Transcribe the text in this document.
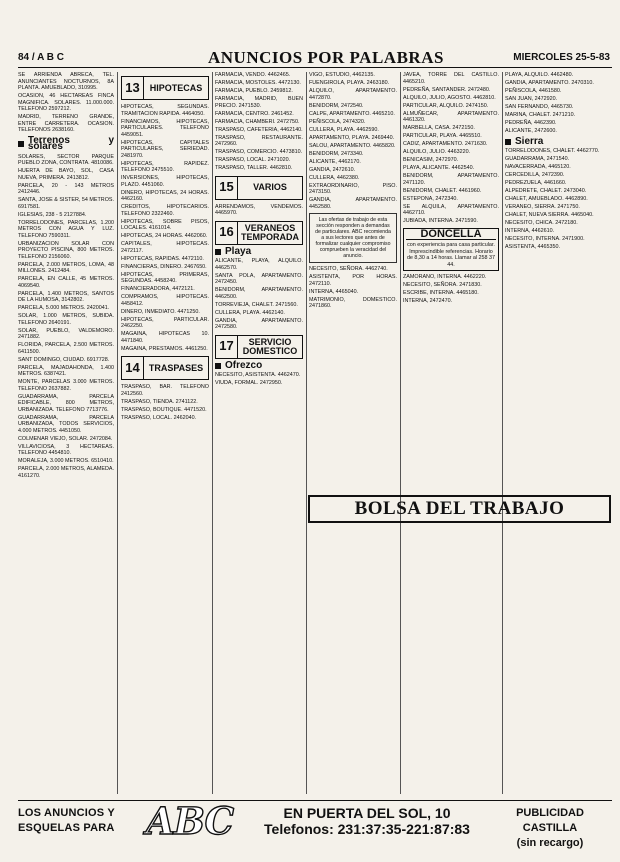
84 / A B C	ANUNCIOS POR PALABRAS	MIERCOLES 25-5-83

SE ARRIENDA ABRECA, TEL. ANUNCIANTES NOCTURNOS, 8A PLANTA. AMUEBLADO, 310995.

OCASION, 46 HECTAREAS FINCA MAGNIFICA. SOLARES. 11.000.000. TELEFONO 2597212.

MADRID, TERRENO GRANDE, ENTRE CARRETERA. OCASION. TELEFONOS 2638160.

Terrenos y solares

SOLARES, SECTOR PARQUE PUEBLO ZONA, CONTRATA. 4810086.

HUERTA DE BAYO, SOL, CASA NUEVA, PRIMERA. 2413812.

PARCELA, 20 - 143 METROS 2412446.

SANTA, JOSE & SISTER, 54 METROS. 6917581.

IGLESIAS, 238 - 5 2127884.

TORRELODONES, PARCELAS, 1.200 METROS CON AGUA Y LUZ. TELEFONO 7590311.

URBANIZACION SOLAR CON PROYECTO PISCINA, 800 METROS. TELEFONO 2156060.

PARCELA, 2.000 METROS, LOMA, 48 MILLONES. 2412484.

PARCELA, EN CALLE, 45 METROS. 4069540.

PARCELA, 1.400 METROS, SANTOS DE LA HUMOSA, 3142802.

PARCELA, 5.000 METROS. 2420041.

SOLAR, 1.000 METROS, SUBIDA. TELEFONO 2640191.

SOLAR, PUEBLO, VALDEMORO. 2471882.

FLORIDA, PARCELA, 2.500 METROS. 6411500.

SANT DOMINGO, CIUDAD. 6917728.

PARCELA, MAJADAHONDA, 1.400 METROS. 6387421.

MONTE, PARCELAS 3.000 METROS. TELEFONO 2637882.

GUADARRAMA, PARCELA EDIFICABLE, 800 METROS, URBANIZADA. TELEFONO 7713776.

GUADARRAMA, PARCELA URBANIZADA, TODOS SERVICIOS, 4.000 METROS. 4451050.

COLMENAR VIEJO, SOLAR. 2472084.

VILLAVICIOSA, 3 HECTAREAS. TELEFONO 4454810.

MORALEJA, 3.000 METROS. 6510410.

PARCELA, 2.000 METROS, ALAMEDA. 4161270.

13	HIPOTECAS

HIPOTECAS, SEGUNDAS. TRAMITACION RAPIDA. 4464050.

FINANCIAMOS, HIPOTECAS, PARTICULARES. TELEFONO 4459051.

HIPOTECAS, CAPITALES PARTICULARES, SERIEDAD. 2481970.

HIPOTECAS, RAPIDEZ. TELEFONO 2475510.

INVERSIONES, HIPOTECAS, PLAZO. 4451060.

DINERO, HIPOTECAS, 24 HORAS. 4462160.

CREDITOS, HIPOTECARIOS. TELEFONO 2322460.

HIPOTECAS, SOBRE PISOS, LOCALES. 4161014.

HIPOTECAS, 24 HORAS. 4462060.

CAPITALES, HIPOTECAS. 2472117.

HIPOTECAS, RAPIDAS. 4472110.

FINANCIERAS, DINERO. 2467650.

HIPOTECAS, PRIMERAS, SEGUNDAS. 4458240.

FINANCIERADORA, 4472121.

COMPRAMOS, HIPOTECAS. 4458412.

DINERO, INMEDIATO. 4471250.

HIPOTECAS, PARTICULAR. 2462250.

MAGAINA, HIPOTECAS 10. 4471840.

MAGAINA, PRESTAMOS. 4461250.

14	TRASPASES

TRASPASO, BAR. TELEFONO 2412560.

TRASPASO, TIENDA. 2741122.

TRASPASO, BOUTIQUE. 4471520.

TRASPASO, LOCAL. 2462040.

FARMACIA, VENDO. 4462465.

FARMACIA, MOSTOLES. 4472130.

FARMACIA, PUEBLO. 2459812.

FARMACIA, MADRID, BUEN PRECIO. 2471530.

FARMACIA, CENTRO. 2461452.

FARMACIA, CHAMBERI. 2472750.

TRASPASO, CAFETERIA, 4462140.

TRASPASO, RESTAURANTE. 2472960.

TRASPASO, COMERCIO. 4473810.

TRASPASO, LOCAL. 2471020.

TRASPASO, TALLER. 4462810.

15	VARIOS

ARRENDAMOS, VENDEMOS. 4465970.

16	VERANEOS TEMPORADA
Playa

ALICANTE, PLAYA, ALQUILO. 4462570.

SANTA POLA, APARTAMENTO. 2472450.

BENIDORM, APARTAMENTO. 4462500.

TORREVIEJA, CHALET. 2471560.

CULLERA, PLAYA. 4462140.

GANDIA, APARTAMENTO. 2472580.

17	SERVICIO DOMESTICO
Ofrezco

NECESITO, ASISTENTA. 4462470.

VIUDA, FORMAL. 2472950.

VIGO, ESTUDIO, 4462135.

FUENGIROLA, PLAYA. 2463180.

ALQUILO, APARTAMENTO. 4472870.

BENIDORM, 2472540.

CALPE, APARTAMENTO. 4465210.

PEÑISCOLA, 2474320.

CULLERA, PLAYA. 4462590.

APARTAMENTO, PLAYA. 2469440.

SALOU, APARTAMENTO. 4465820.

BENIDORM, 2473340.

ALICANTE, 4462170.

GANDIA, 2472610.

CULLERA, 4462380.

EXTRAORDINARIO, PISO. 2473150.

GANDIA, APARTAMENTO. 4452580.

Las ofertas de trabajo de esta sección responden a demandas de particulares. ABC recomienda a sus lectores que antes de formalizar cualquier compromiso comprueben la veracidad del anuncio.

NECESITO, SEÑORA. 4462740.

ASISTENTA, POR HORAS. 2472110.

INTERNA, 4465040.

MATRIMONIO, DOMESTICO. 2471860.

JAVEA, TORRE DEL CASTILLO. 4465210.

PEDREÑA, SANTANDER. 2472480.

ALQUILO, JULIO, AGOSTO. 4462810.

PARTICULAR, ALQUILO. 2474150.

ALMUÑECAR, APARTAMENTO. 4461320.

MARBELLA, CASA. 2472150.

PARTICULAR, PLAYA. 4465510.

CADIZ, APARTAMENTO. 2471630.

ALQUILO, JULIO. 4463220.

BENICASIM, 2472970.

PLAYA, ALICANTE. 4462540.

BENIDORM, APARTAMENTO. 2471120.

BENIDORM, CHALET. 4461960.

ESTEPONA, 2472340.

SE ALQUILA, APARTAMENTO. 4462710.

JUBIADA, INTERNA. 2471590.

DONCELLA
con experiencia para casa particular. Imprescindible referencias. Horario de 8,30 a 14 horas. Llamar al 258 37 44.

ZAMORANO, INTERNA. 4462220.

NECESITO, SEÑORA. 2471830.

ESCRIBE, INTERNA. 4465180.

INTERNA, 2472470.

PLAYA, ALQUILO. 4462480.

GANDIA, APARTAMENTO. 2470310.

PEÑISCOLA, 4461580.

SAN JUAN, 2472920.

SAN FERNANDO, 4465730.

MARINA, CHALET. 2471210.

PEDREÑA, 4462390.

ALICANTE, 2472600.

Sierra

TORRELODONES, CHALET. 4462770.

GUADARRAMA, 2471540.

NAVACERRADA, 4465120.

CERCEDILLA, 2472390.

PEDREZUELA, 4461660.

ALPEDRETE, CHALET. 2473040.

CHALET, AMUEBLADO. 4462890.

VERANEO, SIERRA. 2471750.

CHALET, NUEVA SIERRA. 4465040.

NECESITO, CHICA. 2472180.

INTERNA, 4462610.

NECESITO, INTERNA. 2471900.

ASISTENTA, 4465350.

BOLSA DEL TRABAJO
LOS ANUNCIOS Y
ESQUELAS PARA ABC	EN PUERTA DEL SOL, 10
Telefonos: 231:37:35-221:87:83
PUBLICIDAD CASTILLA
(sin recargo)
